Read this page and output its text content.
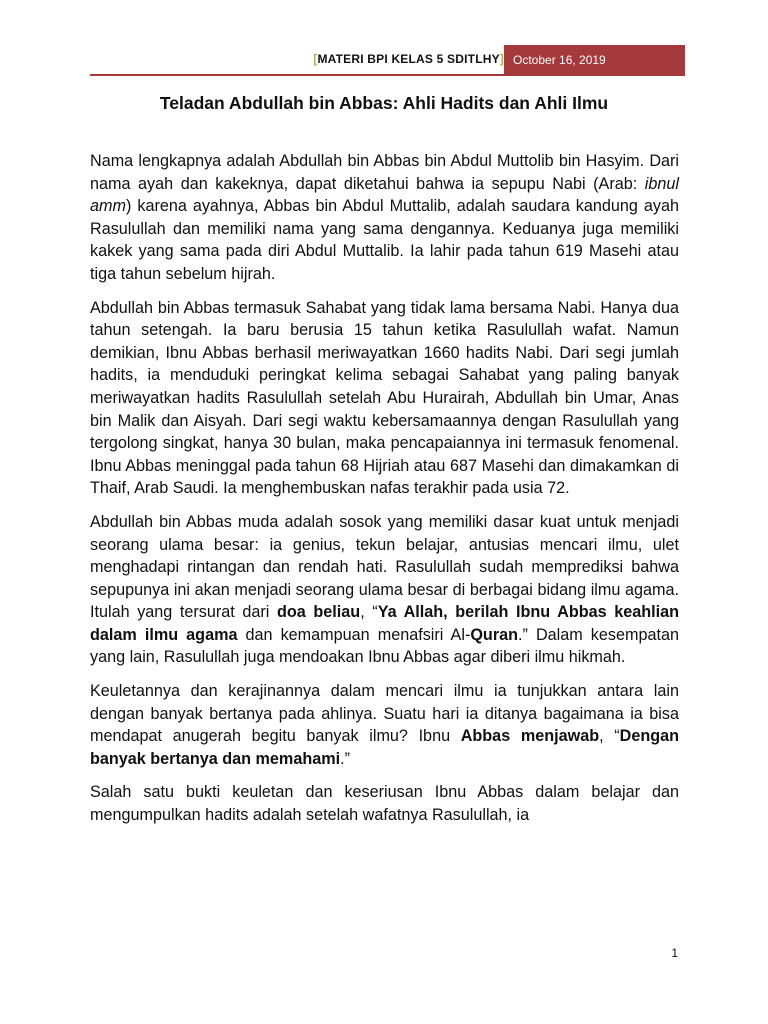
[MATERI BPI KELAS 5 SDITLHY] October 16, 2019
Teladan Abdullah bin Abbas: Ahli Hadits dan Ahli Ilmu

Nama lengkapnya adalah Abdullah bin Abbas bin Abdul Muttolib bin Hasyim. Dari nama ayah dan kakeknya, dapat diketahui bahwa ia sepupu Nabi (Arab: ibnul amm) karena ayahnya, Abbas bin Abdul Muttalib, adalah saudara kandung ayah Rasulullah dan memiliki nama yang sama dengannya. Keduanya juga memiliki kakek yang sama pada diri Abdul Muttalib. Ia lahir pada tahun 619 Masehi atau tiga tahun sebelum hijrah.

Abdullah bin Abbas termasuk Sahabat yang tidak lama bersama Nabi. Hanya dua tahun setengah. Ia baru berusia 15 tahun ketika Rasulullah wafat. Namun demikian, Ibnu Abbas berhasil meriwayatkan 1660 hadits Nabi. Dari segi jumlah hadits, ia menduduki peringkat kelima sebagai Sahabat yang paling banyak meriwayatkan hadits Rasulullah setelah Abu Hurairah, Abdullah bin Umar, Anas bin Malik dan Aisyah. Dari segi waktu kebersamaannya dengan Rasulullah yang tergolong singkat, hanya 30 bulan, maka pencapaiannya ini termasuk fenomenal. Ibnu Abbas meninggal pada tahun 68 Hijriah atau 687 Masehi dan dimakamkan di Thaif, Arab Saudi. Ia menghembuskan nafas terakhir pada usia 72.

Abdullah bin Abbas muda adalah sosok yang memiliki dasar kuat untuk menjadi seorang ulama besar: ia genius, tekun belajar, antusias mencari ilmu, ulet menghadapi rintangan dan rendah hati. Rasulullah sudah memprediksi bahwa sepupunya ini akan menjadi seorang ulama besar di berbagai bidang ilmu agama. Itulah yang tersurat dari doa beliau, “Ya Allah, berilah Ibnu Abbas keahlian dalam ilmu agama dan kemampuan menafsiri Al-Quran.” Dalam kesempatan yang lain, Rasulullah juga mendoakan Ibnu Abbas agar diberi ilmu hikmah.

Keuletannya dan kerajinannya dalam mencari ilmu ia tunjukkan antara lain dengan banyak bertanya pada ahlinya. Suatu hari ia ditanya bagaimana ia bisa mendapat anugerah begitu banyak ilmu? Ibnu Abbas menjawab, “Dengan banyak bertanya dan memahami.”

Salah satu bukti keuletan dan keseriusan Ibnu Abbas dalam belajar dan mengumpulkan hadits adalah setelah wafatnya Rasulullah, ia

1
